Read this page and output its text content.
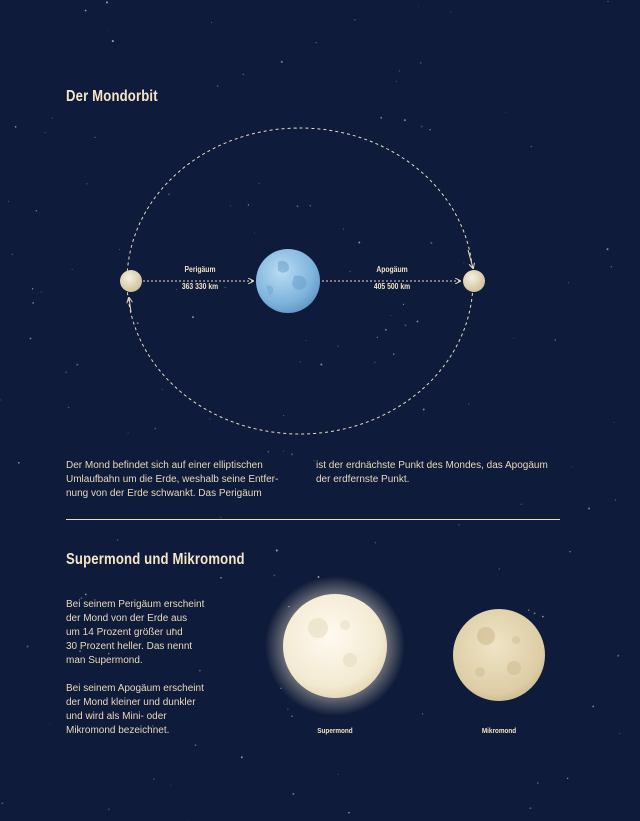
Der Mondorbit
Perigäum
363 330 km
Apogäum
405 500 km
Der Mond befindet sich auf einer elliptischen
Umlaufbahn um die Erde, weshalb seine Entfer-
nung von der Erde schwankt. Das Perigäum
ist der erdnächste Punkt des Mondes, das Apogäum
der erdfernste Punkt.
Supermond und Mikromond
Bei seinem Perigäum erscheint
der Mond von der Erde aus
um 14 Prozent größer und
30 Prozent heller. Das nennt
man Supermond.
Bei seinem Apogäum erscheint
der Mond kleiner und dunkler
und wird als Mini- oder
Mikromond bezeichnet.	Supermond	Mikromond
